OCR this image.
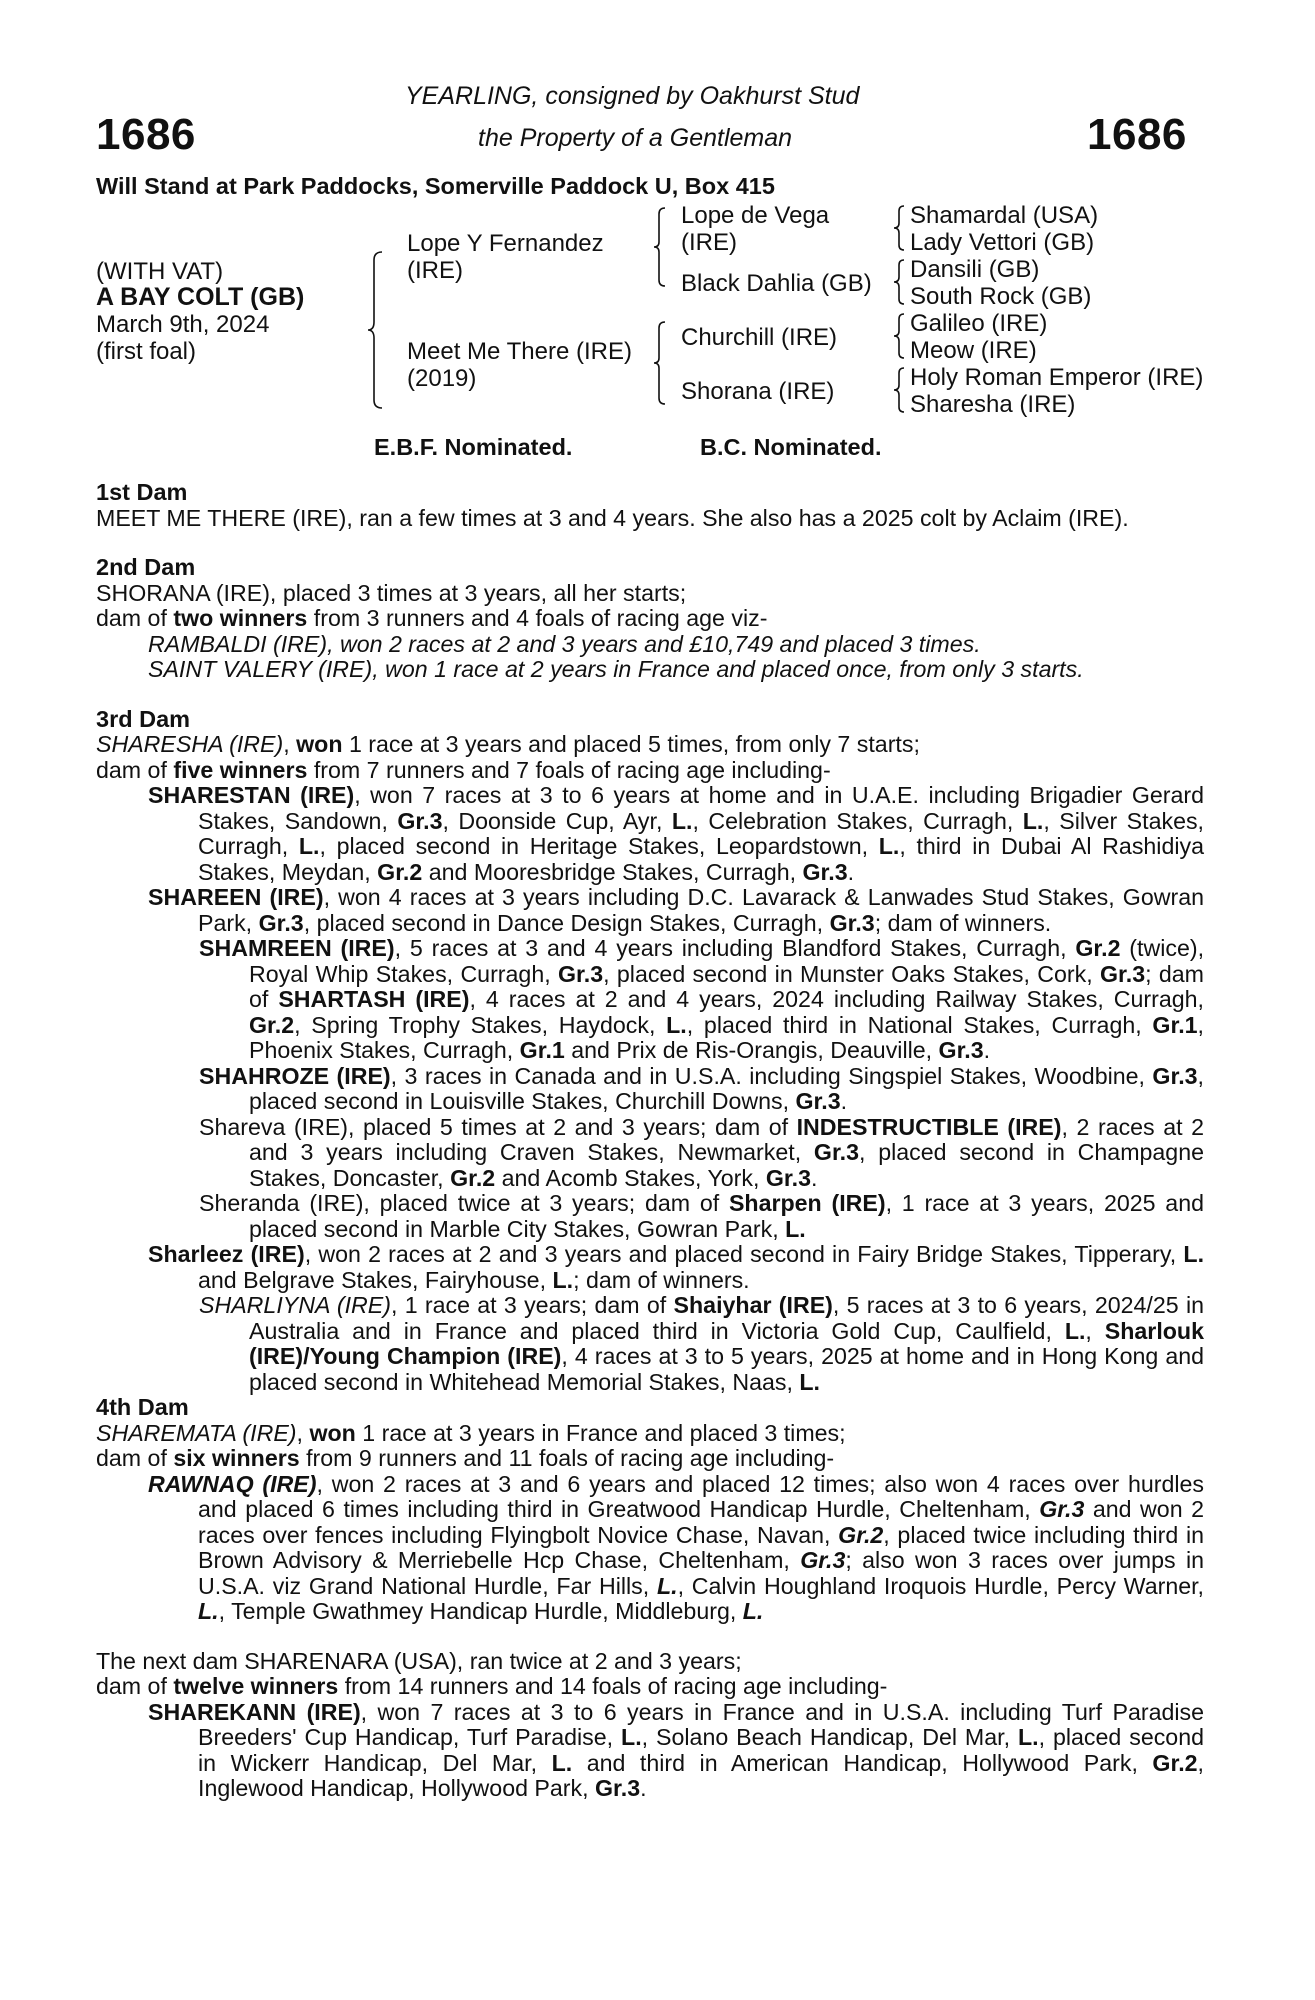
1686	1686
YEARLING, consigned by Oakhurst Stud
the Property of a Gentleman
Will Stand at Park Paddocks, Somerville Paddock U, Box 415
(WITH VAT)
A BAY COLT (GB)
March 9th, 2024
(first foal)
Lope Y Fernandez
(IRE)
Meet Me There (IRE)
(2019)
Lope de Vega
(IRE)
Black Dahlia (GB)
Churchill (IRE)
Shorana (IRE)
Shamardal (USA)
Lady Vettori (GB)
Dansili (GB)
South Rock (GB)
Galileo (IRE)
Meow (IRE)
Holy Roman Emperor (IRE)
Sharesha (IRE)
E.B.F. Nominated.	B.C. Nominated.

1st Dam

MEET ME THERE (IRE), ran a few times at 3 and 4 years. She also has a 2025 colt by Aclaim (IRE).

2nd Dam

SHORANA (IRE), placed 3 times at 3 years, all her starts;

dam of two winners from 3 runners and 4 foals of racing age viz-

RAMBALDI (IRE), won 2 races at 2 and 3 years and £10,749 and placed 3 times.

SAINT VALERY (IRE), won 1 race at 2 years in France and placed once, from only 3 starts.

3rd Dam

SHARESHA (IRE), won 1 race at 3 years and placed 5 times, from only 7 starts;

dam of five winners from 7 runners and 7 foals of racing age including-

SHARESTAN (IRE), won 7 races at 3 to 6 years at home and in U.A.E. including Brigadier Gerard Stakes, Sandown, Gr.3, Doonside Cup, Ayr, L., Celebration Stakes, Curragh, L., Silver Stakes, Curragh, L., placed second in Heritage Stakes, Leopardstown, L., third in Dubai Al Rashidiya Stakes, Meydan, Gr.2 and Mooresbridge Stakes, Curragh, Gr.3.

SHAREEN (IRE), won 4 races at 3 years including D.C. Lavarack & Lanwades Stud Stakes, Gowran Park, Gr.3, placed second in Dance Design Stakes, Curragh, Gr.3; dam of winners.

SHAMREEN (IRE), 5 races at 3 and 4 years including Blandford Stakes, Curragh, Gr.2 (twice), Royal Whip Stakes, Curragh, Gr.3, placed second in Munster Oaks Stakes, Cork, Gr.3; dam of SHARTASH (IRE), 4 races at 2 and 4 years, 2024 including Railway Stakes, Curragh, Gr.2, Spring Trophy Stakes, Haydock, L., placed third in National Stakes, Curragh, Gr.1, Phoenix Stakes, Curragh, Gr.1 and Prix de Ris-Orangis, Deauville, Gr.3.

SHAHROZE (IRE), 3 races in Canada and in U.S.A. including Singspiel Stakes, Woodbine, Gr.3, placed second in Louisville Stakes, Churchill Downs, Gr.3.

Shareva (IRE), placed 5 times at 2 and 3 years; dam of INDESTRUCTIBLE (IRE), 2 races at 2 and 3 years including Craven Stakes, Newmarket, Gr.3, placed second in Champagne Stakes, Doncaster, Gr.2 and Acomb Stakes, York, Gr.3.

Sheranda (IRE), placed twice at 3 years; dam of Sharpen (IRE), 1 race at 3 years, 2025 and placed second in Marble City Stakes, Gowran Park, L.

Sharleez (IRE), won 2 races at 2 and 3 years and placed second in Fairy Bridge Stakes, Tipperary, L. and Belgrave Stakes, Fairyhouse, L.; dam of winners.

SHARLIYNA (IRE), 1 race at 3 years; dam of Shaiyhar (IRE), 5 races at 3 to 6 years, 2024/25 in Australia and in France and placed third in Victoria Gold Cup, Caulfield, L., Sharlouk (IRE)/Young Champion (IRE), 4 races at 3 to 5 years, 2025 at home and in Hong Kong and placed second in Whitehead Memorial Stakes, Naas, L.

4th Dam

SHAREMATA (IRE), won 1 race at 3 years in France and placed 3 times;

dam of six winners from 9 runners and 11 foals of racing age including-

RAWNAQ (IRE), won 2 races at 3 and 6 years and placed 12 times; also won 4 races over hurdles and placed 6 times including third in Greatwood Handicap Hurdle, Cheltenham, Gr.3 and won 2 races over fences including Flyingbolt Novice Chase, Navan, Gr.2, placed twice including third in Brown Advisory & Merriebelle Hcp Chase, Cheltenham, Gr.3; also won 3 races over jumps in U.S.A. viz Grand National Hurdle, Far Hills, L., Calvin Houghland Iroquois Hurdle, Percy Warner, L., Temple Gwathmey Handicap Hurdle, Middleburg, L.

The next dam SHARENARA (USA), ran twice at 2 and 3 years;

dam of twelve winners from 14 runners and 14 foals of racing age including-

SHAREKANN (IRE), won 7 races at 3 to 6 years in France and in U.S.A. including Turf Paradise Breeders' Cup Handicap, Turf Paradise, L., Solano Beach Handicap, Del Mar, L., placed second in Wickerr Handicap, Del Mar, L. and third in American Handicap, Hollywood Park, Gr.2, Inglewood Handicap, Hollywood Park, Gr.3.
